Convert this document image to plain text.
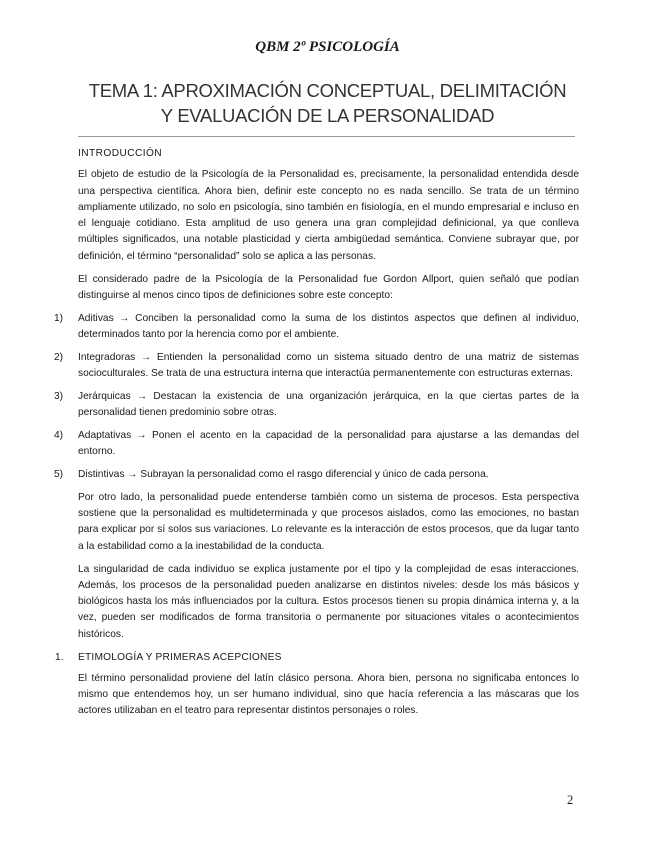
QBM 2º PSICOLOGÍA
TEMA 1: APROXIMACIÓN CONCEPTUAL, DELIMITACIÓN
Y EVALUACIÓN DE LA PERSONALIDAD
INTRODUCCIÓN
El objeto de estudio de la Psicología de la Personalidad es, precisamente, la personalidad entendida desde una perspectiva científica. Ahora bien, definir este concepto no es nada sencillo. Se trata de un término ampliamente utilizado, no solo en psicología, sino también en fisiología, en el mundo empresarial e incluso en el lenguaje cotidiano. Esta amplitud de uso genera una gran complejidad definicional, ya que conlleva múltiples significados, una notable plasticidad y cierta ambigüedad semántica. Conviene subrayar que, por definición, el término “personalidad” solo se aplica a las personas.
El considerado padre de la Psicología de la Personalidad fue Gordon Allport, quien señaló que podían distinguirse al menos cinco tipos de definiciones sobre este concepto:
1) Aditivas → Conciben la personalidad como la suma de los distintos aspectos que definen al individuo, determinados tanto por la herencia como por el ambiente.
2) Integradoras → Entienden la personalidad como un sistema situado dentro de una matriz de sistemas socioculturales. Se trata de una estructura interna que interactúa permanentemente con estructuras externas.
3) Jerárquicas → Destacan la existencia de una organización jerárquica, en la que ciertas partes de la personalidad tienen predominio sobre otras.
4) Adaptativas → Ponen el acento en la capacidad de la personalidad para ajustarse a las demandas del entorno.
5) Distintivas → Subrayan la personalidad como el rasgo diferencial y único de cada persona.
Por otro lado, la personalidad puede entenderse también como un sistema de procesos. Esta perspectiva sostiene que la personalidad es multideterminada y que procesos aislados, como las emociones, no bastan para explicar por sí solos sus variaciones. Lo relevante es la interacción de estos procesos, que da lugar tanto a la estabilidad como a la inestabilidad de la conducta.
La singularidad de cada individuo se explica justamente por el tipo y la complejidad de esas interacciones. Además, los procesos de la personalidad pueden analizarse en distintos niveles: desde los más básicos y biológicos hasta los más influenciados por la cultura. Estos procesos tienen su propia dinámica interna y, a la vez, pueden ser modificados de forma transitoria o permanente por situaciones vitales o acontecimientos históricos.
1. ETIMOLOGÍA Y PRIMERAS ACEPCIONES
El término personalidad proviene del latín clásico persona. Ahora bien, persona no significaba entonces lo mismo que entendemos hoy, un ser humano individual, sino que hacía referencia a las máscaras que los actores utilizaban en el teatro para representar distintos personajes o roles.
2
